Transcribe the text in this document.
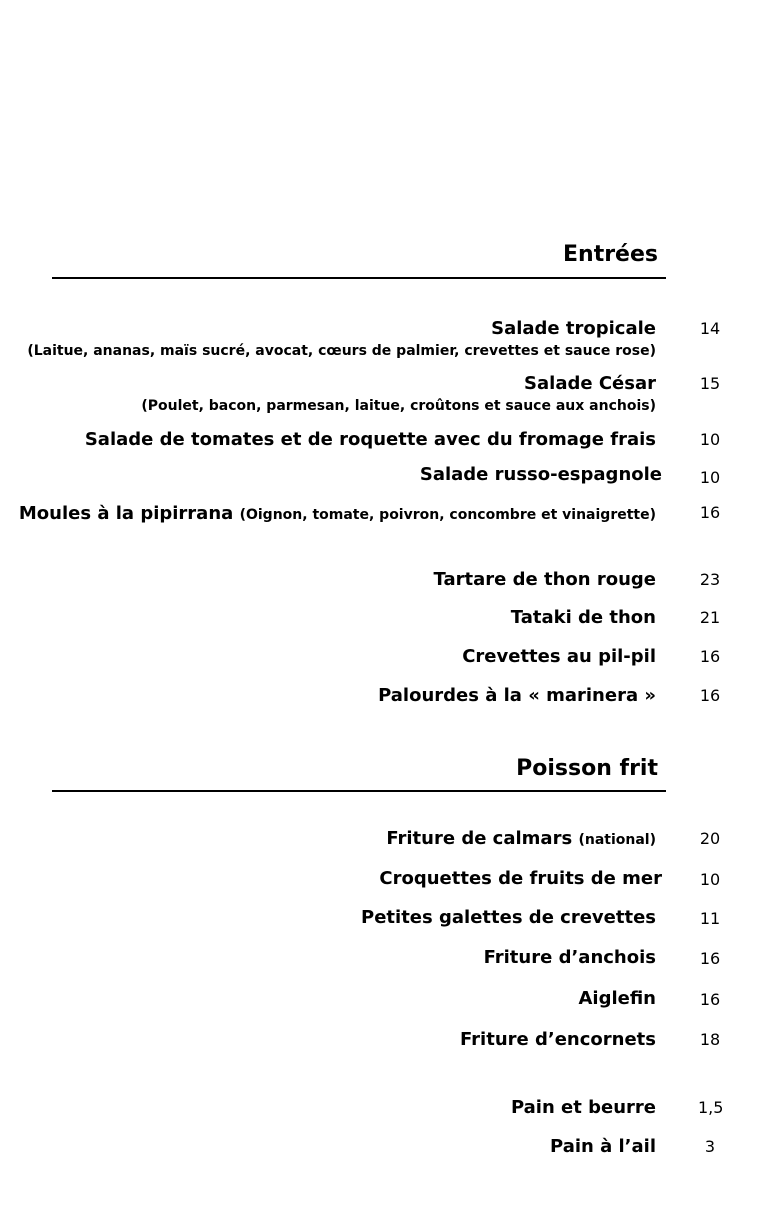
Entrées
Salade tropicale	14
(Laitue, ananas, maïs sucré, avocat, cœurs de palmier, crevettes et sauce rose)
Salade César	15
(Poulet, bacon, parmesan, laitue, croûtons et sauce aux anchois)
Salade de tomates et de roquette avec du fromage frais	10
Salade russo-espagnole 10
Moules à la pipirrana (Oignon, tomate, poivron, concombre et vinaigrette)	16
Tartare de thon rouge	23
Tataki de thon	21
Crevettes au pil-pil	16
Palourdes à la « marinera »	16
Poisson frit
Friture de calmars (national)	20
Croquettes de fruits de mer 10
Petites galettes de crevettes	11
Friture d’anchois	16
Aiglefin	16
Friture d’encornets	18
Pain et beurre	1,5
Pain à l’ail	3
